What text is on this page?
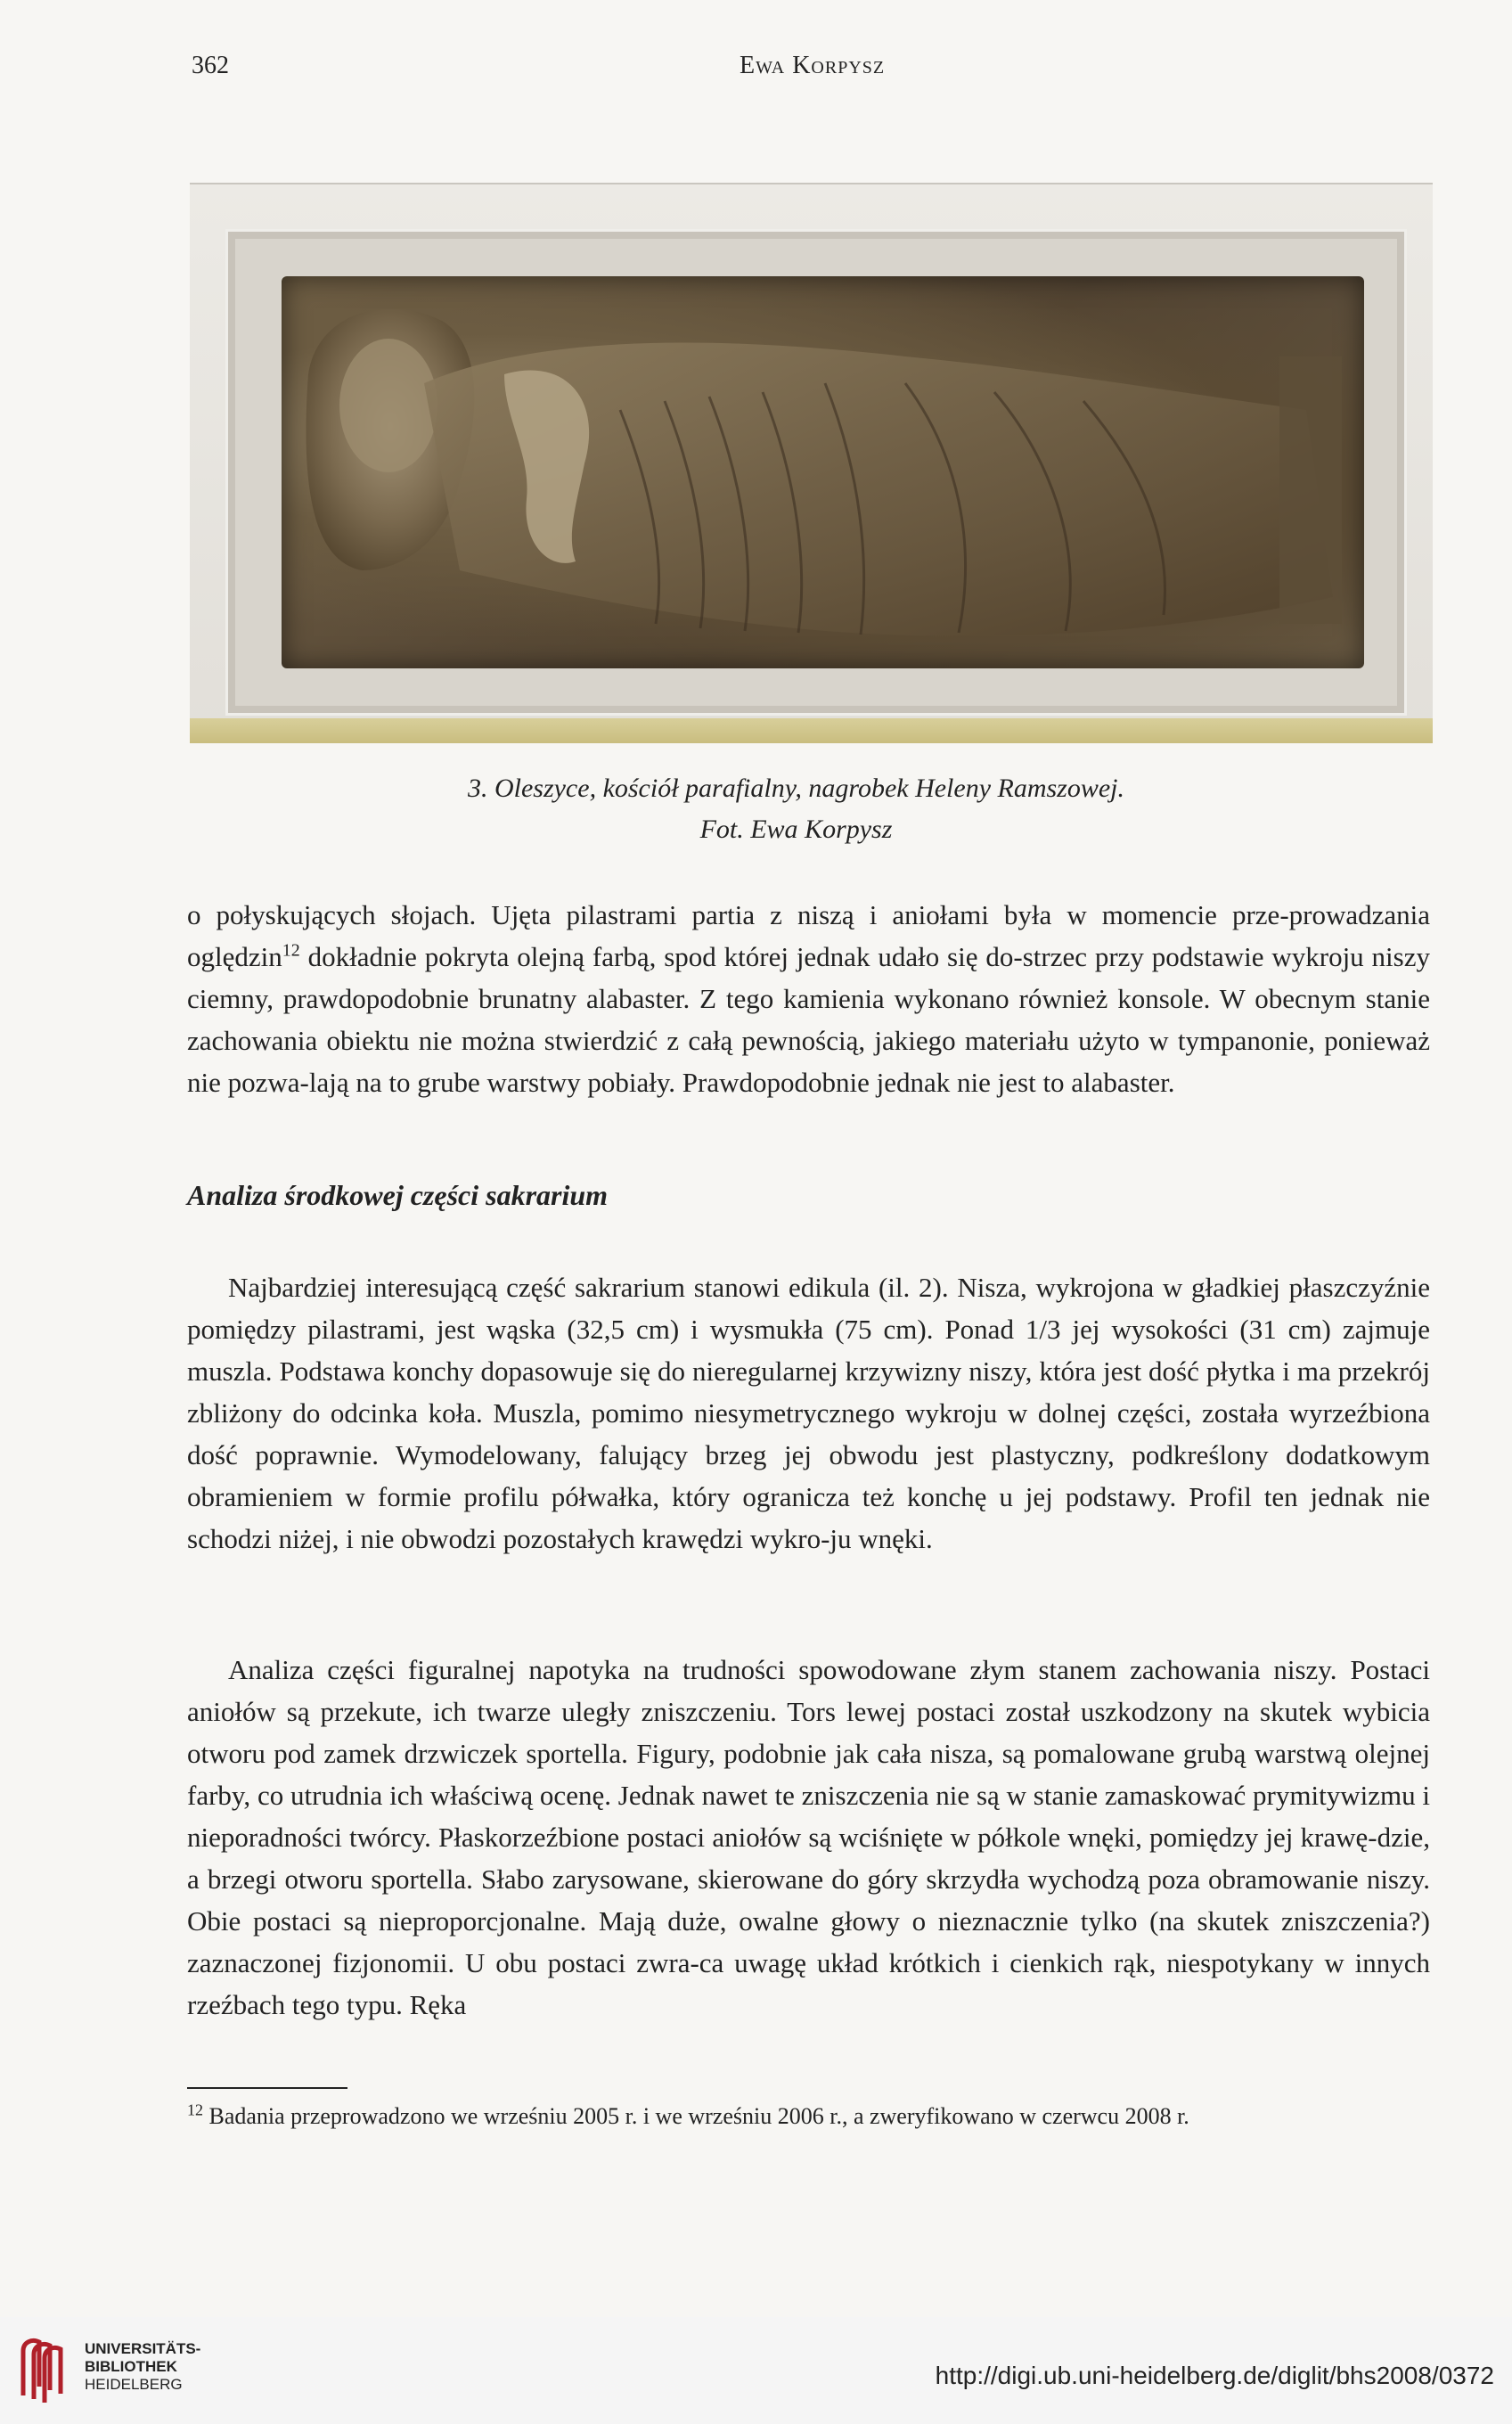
362	Ewa Korpysz
3. Oleszyce, kościół parafialny, nagrobek Heleny Ramszowej.
Fot. Ewa Korpysz

o połyskujących słojach. Ujęta pilastrami partia z niszą i aniołami była w momencie prze-prowadzania oględzin$^{12}$ dokładnie pokryta olejną farbą, spod której jednak udało się do-strzec przy podstawie wykroju niszy ciemny, prawdopodobnie brunatny alabaster. Z tego kamienia wykonano również konsole. W obecnym stanie zachowania obiektu nie można stwierdzić z całą pewnością, jakiego materiału użyto w tympanonie, ponieważ nie pozwa-lają na to grube warstwy pobiały. Prawdopodobnie jednak nie jest to alabaster.

Analiza środkowej części sakrarium

Najbardziej interesującą część sakrarium stanowi edikula (il. 2). Nisza, wykrojona w gładkiej płaszczyźnie pomiędzy pilastrami, jest wąska (32,5 cm) i wysmukła (75 cm). Ponad 1/3 jej wysokości (31 cm) zajmuje muszla. Podstawa konchy dopasowuje się do nieregularnej krzywizny niszy, która jest dość płytka i ma przekrój zbliżony do odcinka koła. Muszla, pomimo niesymetrycznego wykroju w dolnej części, została wyrzeźbiona dość poprawnie. Wymodelowany, falujący brzeg jej obwodu jest plastyczny, podkreślony dodatkowym obramieniem w formie profilu półwałka, który ogranicza też konchę u jej podstawy. Profil ten jednak nie schodzi niżej, i nie obwodzi pozostałych krawędzi wykro-ju wnęki.

Analiza części figuralnej napotyka na trudności spowodowane złym stanem zachowania niszy. Postaci aniołów są przekute, ich twarze uległy zniszczeniu. Tors lewej postaci został uszkodzony na skutek wybicia otworu pod zamek drzwiczek sportella. Figury, podobnie jak cała nisza, są pomalowane grubą warstwą olejnej farby, co utrudnia ich właściwą ocenę. Jednak nawet te zniszczenia nie są w stanie zamaskować prymitywizmu i nieporadności twórcy. Płaskorzeźbione postaci aniołów są wciśnięte w półkole wnęki, pomiędzy jej krawę-dzie, a brzegi otworu sportella. Słabo zarysowane, skierowane do góry skrzydła wychodzą poza obramowanie niszy. Obie postaci są nieproporcjonalne. Mają duże, owalne głowy o nieznacznie tylko (na skutek zniszczenia?) zaznaczonej fizjonomii. U obu postaci zwra-ca uwagę układ krótkich i cienkich rąk, niespotykany w innych rzeźbach tego typu. Ręka

$^{12}$ Badania przeprowadzono we wrześniu 2005 r. i we wrześniu 2006 r., a zweryfikowano w czerwcu 2008 r.
UNIVERSITÄTS-
BIBLIOTHEK
HEIDELBERG	http://digi.ub.uni-heidelberg.de/diglit/bhs2008/0372
